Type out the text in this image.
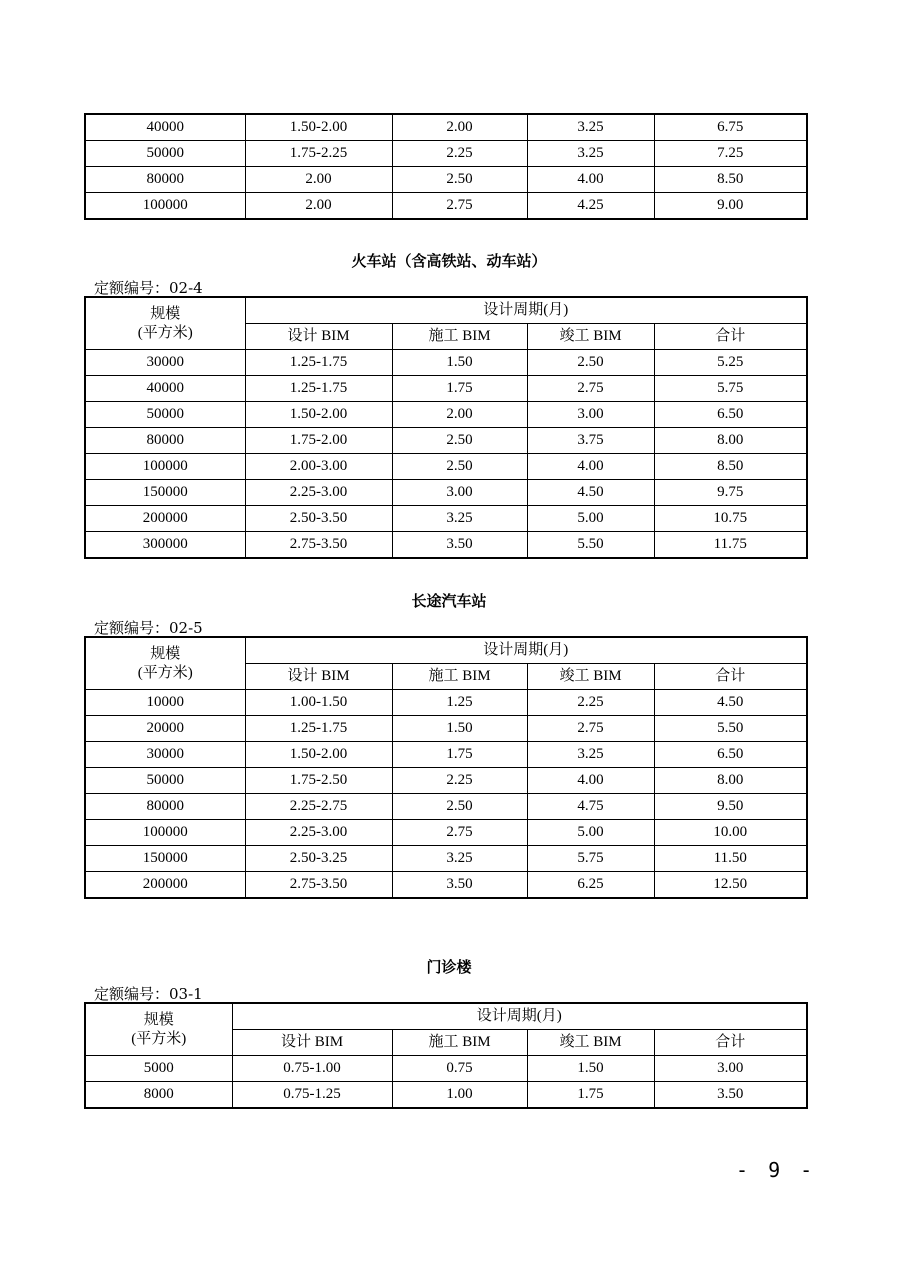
40000	1.50-2.00	2.00	3.25	6.75
50000	1.75-2.25	2.25	3.25	7.25
80000	2.00	2.50	4.00	8.50
100000	2.00	2.75	4.25	9.00
火车站（含高铁站、动车站）
定额编号：02-4
规模
(平方米)	设计周期(月)			
	设计 BIM	施工 BIM	竣工 BIM	合计
30000	1.25-1.75	1.50	2.50	5.25
40000	1.25-1.75	1.75	2.75	5.75
50000	1.50-2.00	2.00	3.00	6.50
80000	1.75-2.00	2.50	3.75	8.00
100000	2.00-3.00	2.50	4.00	8.50
150000	2.25-3.00	3.00	4.50	9.75
200000	2.50-3.50	3.25	5.00	10.75
300000	2.75-3.50	3.50	5.50	11.75
长途汽车站
定额编号：02-5
规模
(平方米)	设计周期(月)			
	设计 BIM	施工 BIM	竣工 BIM	合计
10000	1.00-1.50	1.25	2.25	4.50
20000	1.25-1.75	1.50	2.75	5.50
30000	1.50-2.00	1.75	3.25	6.50
50000	1.75-2.50	2.25	4.00	8.00
80000	2.25-2.75	2.50	4.75	9.50
100000	2.25-3.00	2.75	5.00	10.00
150000	2.50-3.25	3.25	5.75	11.50
200000	2.75-3.50	3.50	6.25	12.50
门诊楼
定额编号：03-1
规模
(平方米)	设计周期(月)			
	设计 BIM	施工 BIM	竣工 BIM	合计
5000	0.75-1.00	0.75	1.50	3.00
8000	0.75-1.25	1.00	1.75	3.50
- 9 -
